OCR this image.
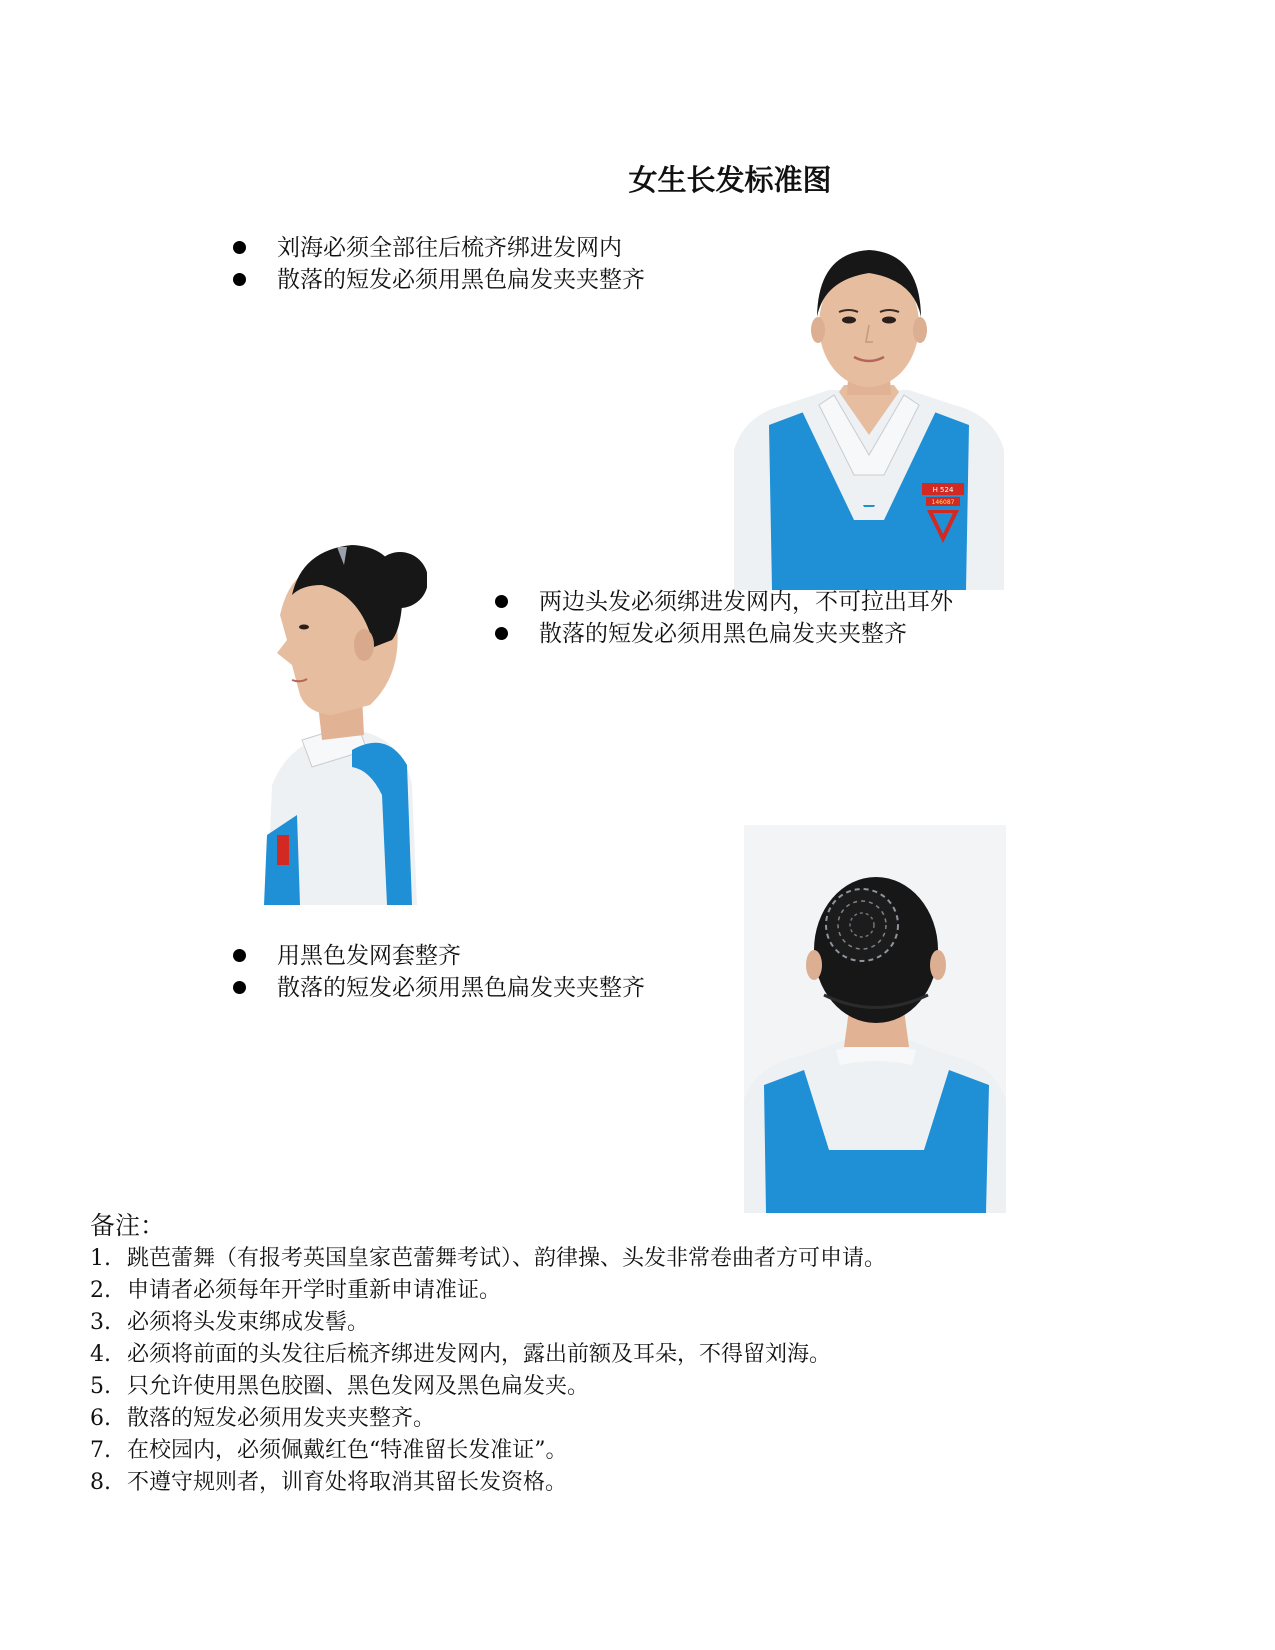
女生长发标准图
刘海必须全部往后梳齐绑进发网内
散落的短发必须用黑色扁发夹夹整齐
H 524
146087
两边头发必须绑进发网内，不可拉出耳外
散落的短发必须用黑色扁发夹夹整齐
用黑色发网套整齐
散落的短发必须用黑色扁发夹夹整齐
备注：
1. 跳芭蕾舞（有报考英国皇家芭蕾舞考试）、韵律操、头发非常卷曲者方可申请。
2. 申请者必须每年开学时重新申请准证。
3. 必须将头发束绑成发髻。
4. 必须将前面的头发往后梳齐绑进发网内，露出前额及耳朵，不得留刘海。
5. 只允许使用黑色胶圈、黑色发网及黑色扁发夹。
6. 散落的短发必须用发夹夹整齐。
7. 在校园内，必须佩戴红色“特准留长发准证”。
8. 不遵守规则者，训育处将取消其留长发资格。
